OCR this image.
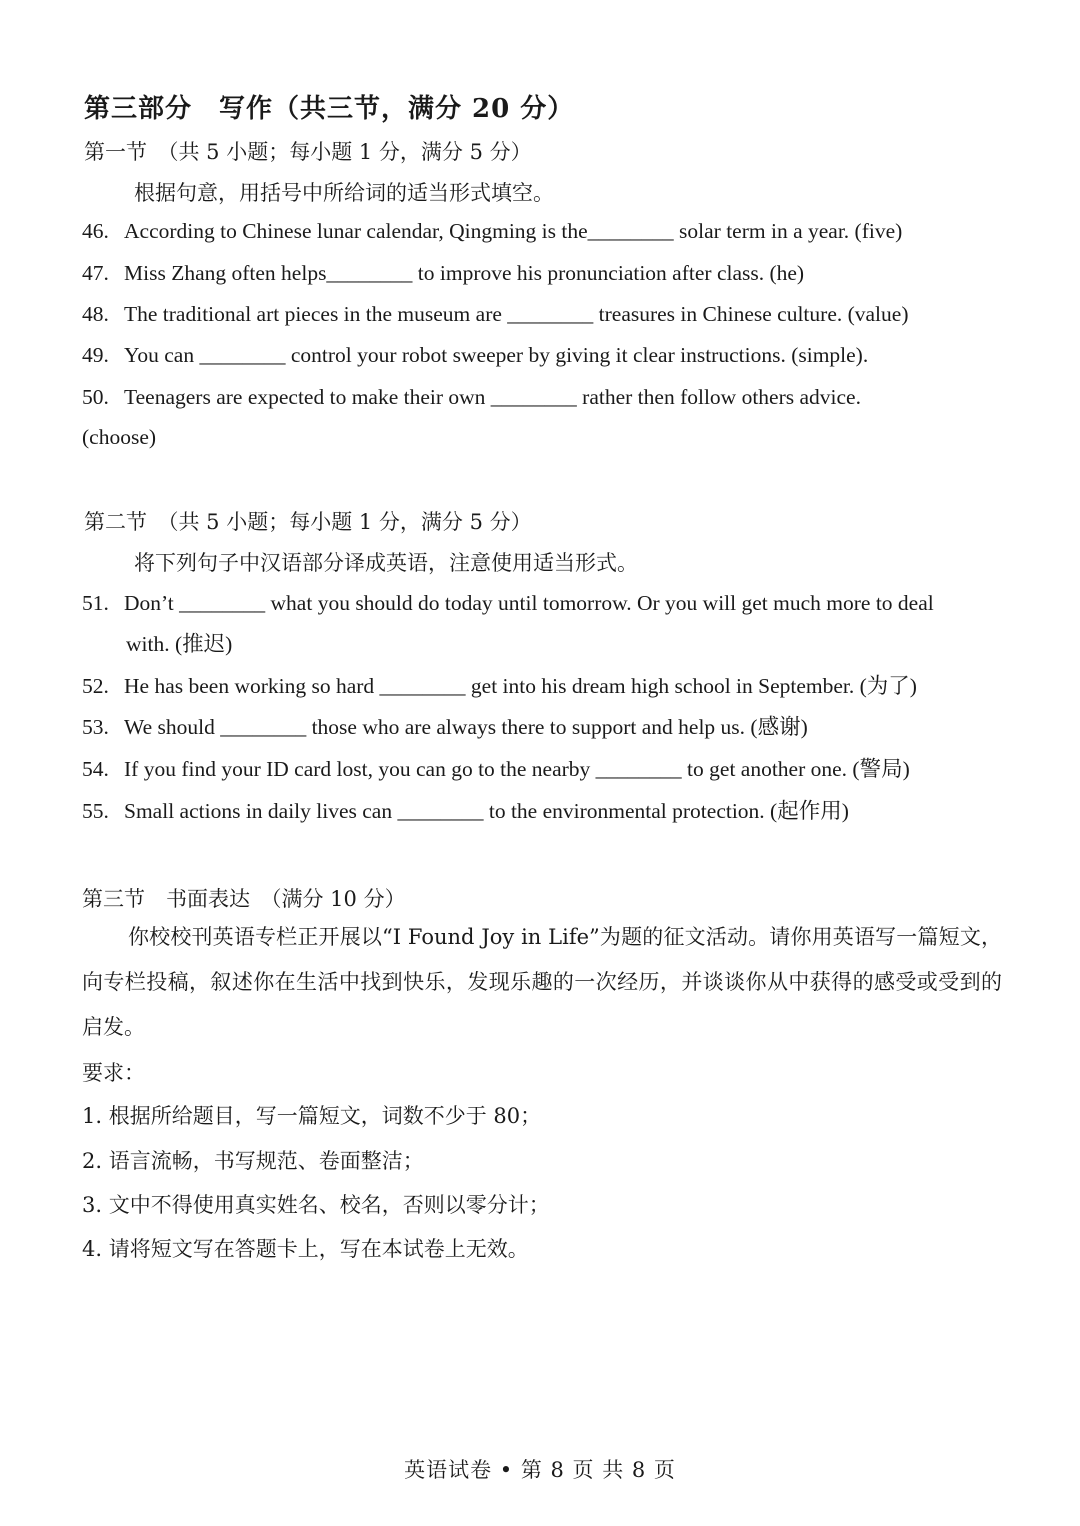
第三部分　写作（共三节，满分 20 分）
第一节　（共 5 小题；每小题 1 分，满分 5 分）
根据句意，用括号中所给词的适当形式填空。
46. According to Chinese lunar calendar, Qingming is the________ solar term in a year. (five)
47. Miss Zhang often helps________ to improve his pronunciation after class. (he)
48. The traditional art pieces in the museum are ________ treasures in Chinese culture. (value)
49. You can ________ control your robot sweeper by giving it clear instructions. (simple).
50. Teenagers are expected to make their own ________ rather then follow others advice.
(choose)
第二节　（共 5 小题；每小题 1 分，满分 5 分）
将下列句子中汉语部分译成英语，注意使用适当形式。
51. Don’t ________ what you should do today until tomorrow. Or you will get much more to deal
with. (推迟)
52. He has been working so hard ________ get into his dream high school in September. (为了)
53. We should ________ those who are always there to support and help us. (感谢)
54. If you find your ID card lost, you can go to the nearby ________ to get another one. (警局)
55. Small actions in daily lives can ________ to the environmental protection. (起作用)
第三节　书面表达　（满分 10 分）
你校校刊英语专栏正开展以“I Found Joy in Life”为题的征文活动。请你用英语写一篇短文，向专栏投稿，叙述你在生活中找到快乐，发现乐趣的一次经历，并谈谈你从中获得的感受或受到的启发。
要求：
1. 根据所给题目，写一篇短文，词数不少于 80；
2. 语言流畅，书写规范、卷面整洁；
3. 文中不得使用真实姓名、校名，否则以零分计；
4. 请将短文写在答题卡上，写在本试卷上无效。
英语试卷 • 第 8 页 共 8 页
